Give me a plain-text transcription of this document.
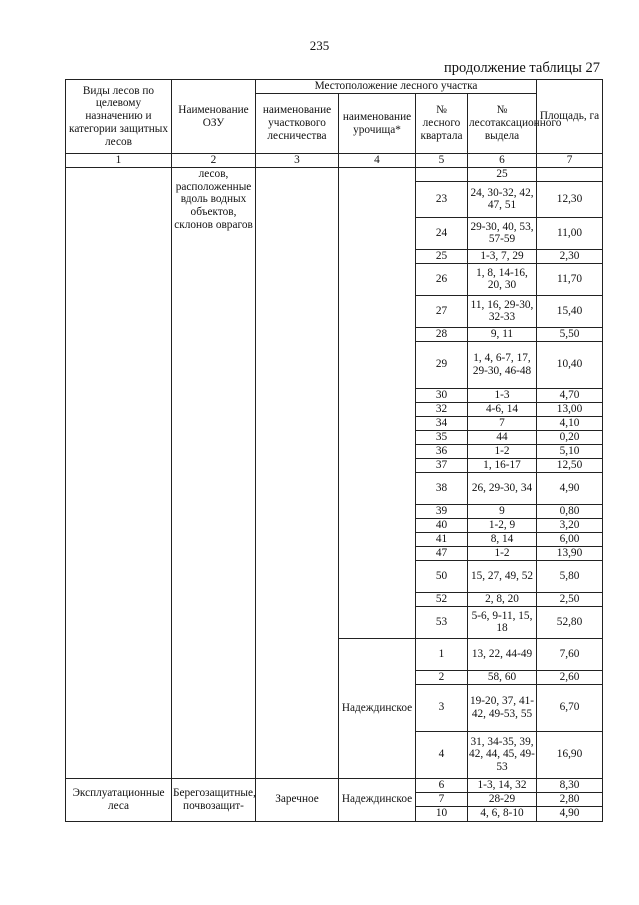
235
продолжение таблицы 27
Виды лесов по целевому назначению и категории защитных лесов	Наименование ОЗУ	Местоположение лесного участка				Площадь, га
		наименование участкового лесничества	наименование урочища*	№ лесного квартала	№ лесотаксационного выдела	
1	2	3	4	5	6	7
	лесов, расположенные вдоль водных объектов, склонов оврагов				25	
				23	24, 30-32, 42, 47, 51	12,30
				24	29-30, 40, 53, 57-59	11,00
				25	1-3, 7, 29	2,30
				26	1, 8, 14-16, 20, 30	11,70
				27	11, 16, 29-30, 32-33	15,40
				28	9, 11	5,50
				29	1, 4, 6-7, 17, 29-30, 46-48	10,40
				30	1-3	4,70
				32	4-6, 14	13,00
				34	7	4,10
				35	44	0,20
				36	1-2	5,10
				37	1, 16-17	12,50
				38	26, 29-30, 34	4,90
				39	9	0,80
				40	1-2, 9	3,20
				41	8, 14	6,00
				47	1-2	13,90
				50	15, 27, 49, 52	5,80
				52	2, 8, 20	2,50
				53	5-6, 9-11, 15, 18	52,80
			Надеждинское	1	13, 22, 44-49	7,60
				2	58, 60	2,60
				3	19-20, 37, 41-42, 49-53, 55	6,70
				4	31, 34-35, 39, 42, 44, 45, 49-53	16,90
Эксплуатационные леса	Берегозащитные, почвозащит-	Заречное	Надеждинское	6	1-3, 14, 32	8,30
				7	28-29	2,80
				10	4, 6, 8-10	4,90
